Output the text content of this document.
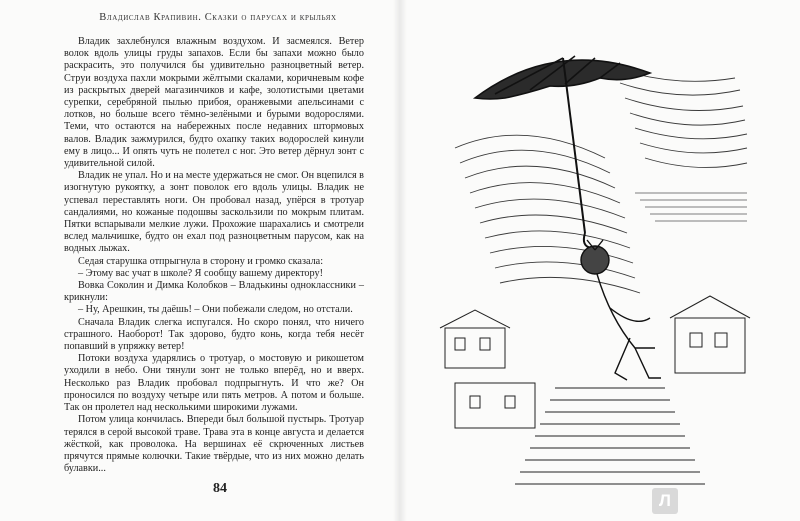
Владислав Крапивин. Сказки о парусах и крыльях

Владик захлебнулся влажным воздухом. И засмеялся. Ветер волок вдоль улицы груды запахов. Если бы запахи можно было раскрасить, это получился бы удивительно разноцветный ветер. Струи воздуха пахли мокрыми жёлтыми скалами, коричневым кофе из раскрытых дверей магазинчиков и кафе, золотистыми цветами сурепки, серебряной пылью прибоя, оранжевыми апельсинами с лотков, но больше всего тёмно-зелёными и бурыми водорослями. Теми, что остаются на набережных после недавних штормовых валов. Владик зажмурился, будто охапку таких водорослей кинули ему в лицо... И опять чуть не полетел с ног. Это ветер дёрнул зонт с удивительной силой.

Владик не упал. Но и на месте удержаться не смог. Он вцепился в изогнутую рукоятку, а зонт поволок его вдоль улицы. Владик не успевал переставлять ноги. Он пробовал назад, упёрся в тротуар сандалиями, но кожаные подошвы заскользили по мокрым плитам. Пятки вспарывали мелкие лужи. Прохожие шарахались и смотрели вслед мальчишке, будто он ехал под разноцветным парусом, как на водных лыжах.

Седая старушка отпрыгнула в сторону и громко сказала:

– Этому вас учат в школе? Я сообщу вашему директору!

Вовка Соколин и Димка Колобков – Владькины одноклассники – крикнули:

– Ну, Арешкин, ты даёшь! – Они побежали следом, но отстали.

Сначала Владик слегка испугался. Но скоро понял, что ничего страшного. Наоборот! Так здорово, будто конь, когда тебя несёт попавший в упряжку ветер!

Потоки воздуха ударялись о тротуар, о мостовую и рикошетом уходили в небо. Они тянули зонт не только вперёд, но и вверх. Несколько раз Владик пробовал подпрыгнуть. И что же? Он проносился по воздуху четыре или пять метров. А потом и больше. Так он пролетел над несколькими широкими лужами.

Потом улица кончилась. Впереди был большой пустырь. Тротуар терялся в серой высокой траве. Трава эта в конце августа и делается жёсткой, как проволока. На вершинах её скрюченных листьев прячутся прямые колючки. Такие твёрдые, что из них можно делать булавки...

84
Л
